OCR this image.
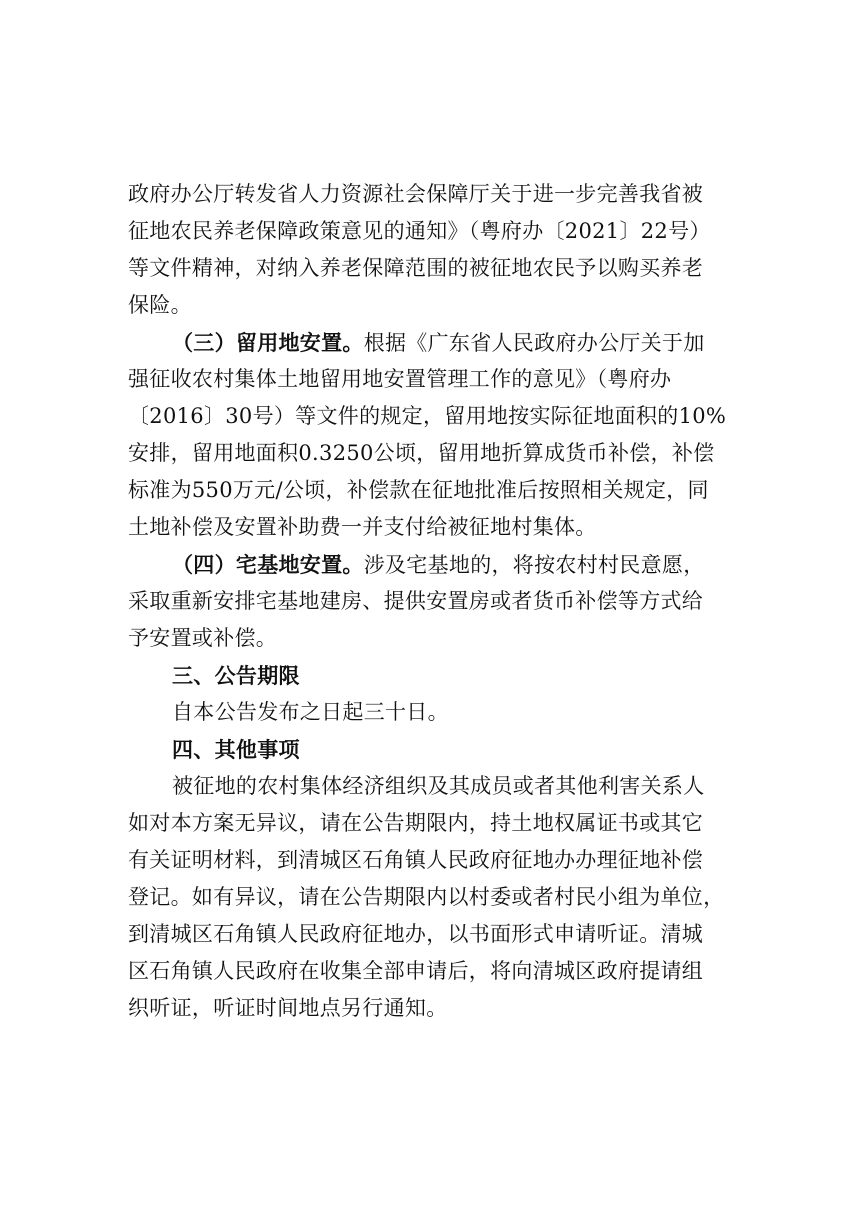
政府办公厅转发省人力资源社会保障厅关于进一步完善我省被
征地农民养老保障政策意见的通知》（粤府办〔2021〕22号）
等文件精神，对纳入养老保障范围的被征地农民予以购买养老
保险。
（三）留用地安置。根据《广东省人民政府办公厅关于加
强征收农村集体土地留用地安置管理工作的意见》（粤府办
〔2016〕30号）等文件的规定，留用地按实际征地面积的10%
安排，留用地面积0.3250公顷，留用地折算成货币补偿，补偿
标准为550万元/公顷，补偿款在征地批准后按照相关规定，同
土地补偿及安置补助费一并支付给被征地村集体。
（四）宅基地安置。涉及宅基地的，将按农村村民意愿，
采取重新安排宅基地建房、提供安置房或者货币补偿等方式给
予安置或补偿。
三、公告期限
自本公告发布之日起三十日。
四、其他事项
被征地的农村集体经济组织及其成员或者其他利害关系人
如对本方案无异议，请在公告期限内，持土地权属证书或其它
有关证明材料，到清城区石角镇人民政府征地办办理征地补偿
登记。如有异议，请在公告期限内以村委或者村民小组为单位，
到清城区石角镇人民政府征地办，以书面形式申请听证。清城
区石角镇人民政府在收集全部申请后，将向清城区政府提请组
织听证，听证时间地点另行通知。
